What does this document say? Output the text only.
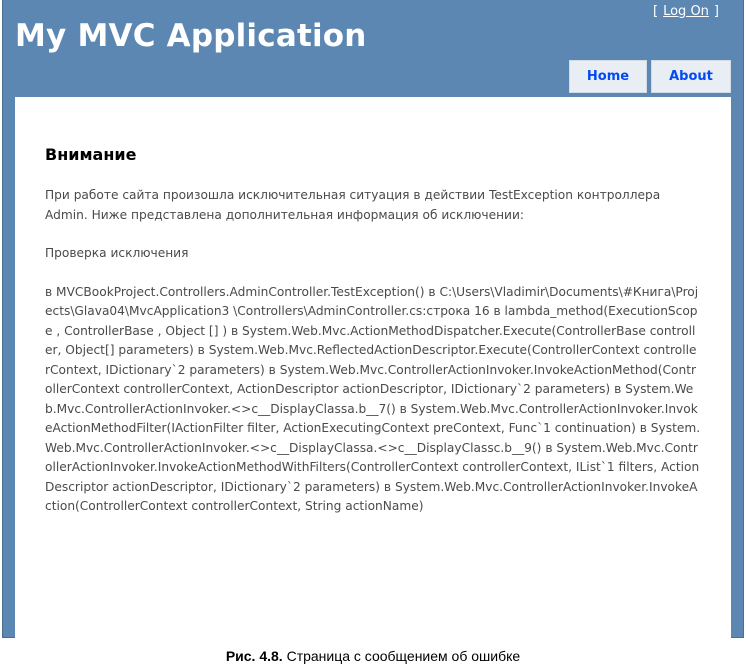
My MVC Application
[ Log On ]
Home	About
Внимание

При работе сайта произошла исключительная ситуация в действии TestException контроллера Admin. Ниже представлена дополнительная информация об исключении:

Проверка исключения

в MVCBookProject.Controllers.AdminController.TestException() в C:\Users\Vladimir\Documents\#Книга\Projects\Glava04\MvcApplication3 \Controllers\AdminController.cs:строка 16 в lambda_method(ExecutionScope , ControllerBase , Object [] ) в System.Web.Mvc.ActionMethodDispatcher.Execute(ControllerBase controller, Object[] parameters) в System.Web.Mvc.ReflectedActionDescriptor.Execute(ControllerContext controllerContext, IDictionary`2 parameters) в System.Web.Mvc.ControllerActionInvoker.InvokeActionMethod(ControllerContext controllerContext, ActionDescriptor actionDescriptor, IDictionary`2 parameters) в System.Web.Mvc.ControllerActionInvoker.<>c__DisplayClassa.b__7() в System.Web.Mvc.ControllerActionInvoker.InvokeActionMethodFilter(IActionFilter filter, ActionExecutingContext preContext, Func`1 continuation) в System.Web.Mvc.ControllerActionInvoker.<>c__DisplayClassa.<>c__DisplayClassc.b__9() в System.Web.Mvc.ControllerActionInvoker.InvokeActionMethodWithFilters(ControllerContext controllerContext, IList`1 filters, ActionDescriptor actionDescriptor, IDictionary`2 parameters) в System.Web.Mvc.ControllerActionInvoker.InvokeAction(ControllerContext controllerContext, String actionName)

Рис. 4.8. Страница с сообщением об ошибке
